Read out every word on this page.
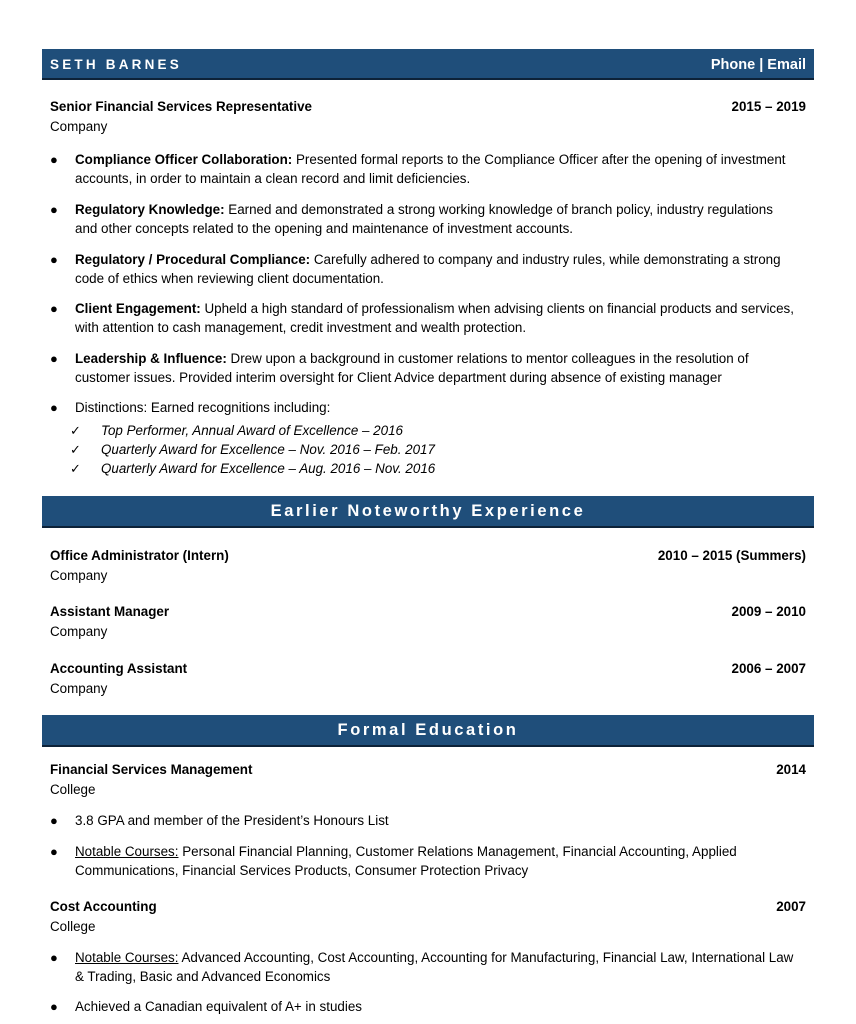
SETH BARNES	Phone | Email
Senior Financial Services Representative	2015 – 2019
Company
● Compliance Officer Collaboration: Presented formal reports to the Compliance Officer after the opening of investment accounts, in order to maintain a clean record and limit deficiencies.
● Regulatory Knowledge: Earned and demonstrated a strong working knowledge of branch policy, industry regulations and other concepts related to the opening and maintenance of investment accounts.
● Regulatory / Procedural Compliance: Carefully adhered to company and industry rules, while demonstrating a strong code of ethics when reviewing client documentation.
● Client Engagement: Upheld a high standard of professionalism when advising clients on financial products and services, with attention to cash management, credit investment and wealth protection.
● Leadership & Influence: Drew upon a background in customer relations to mentor colleagues in the resolution of customer issues. Provided interim oversight for Client Advice department during absence of existing manager
● Distinctions: Earned recognitions including:
✓ Top Performer, Annual Award of Excellence – 2016
✓ Quarterly Award for Excellence – Nov. 2016 – Feb. 2017
✓ Quarterly Award for Excellence – Aug. 2016 – Nov. 2016
Earlier Noteworthy Experience
Office Administrator (Intern)	2010 – 2015 (Summers)
Company
Assistant Manager	2009 – 2010
Company
Accounting Assistant	2006 – 2007
Company
Formal Education
Financial Services Management	2014
College
● 3.8 GPA and member of the President’s Honours List
● Notable Courses: Personal Financial Planning, Customer Relations Management, Financial Accounting, Applied Communications, Financial Services Products, Consumer Protection Privacy
Cost Accounting	2007
College
● Notable Courses: Advanced Accounting, Cost Accounting, Accounting for Manufacturing, Financial Law, International Law & Trading, Basic and Advanced Economics
● Achieved a Canadian equivalent of A+ in studies
